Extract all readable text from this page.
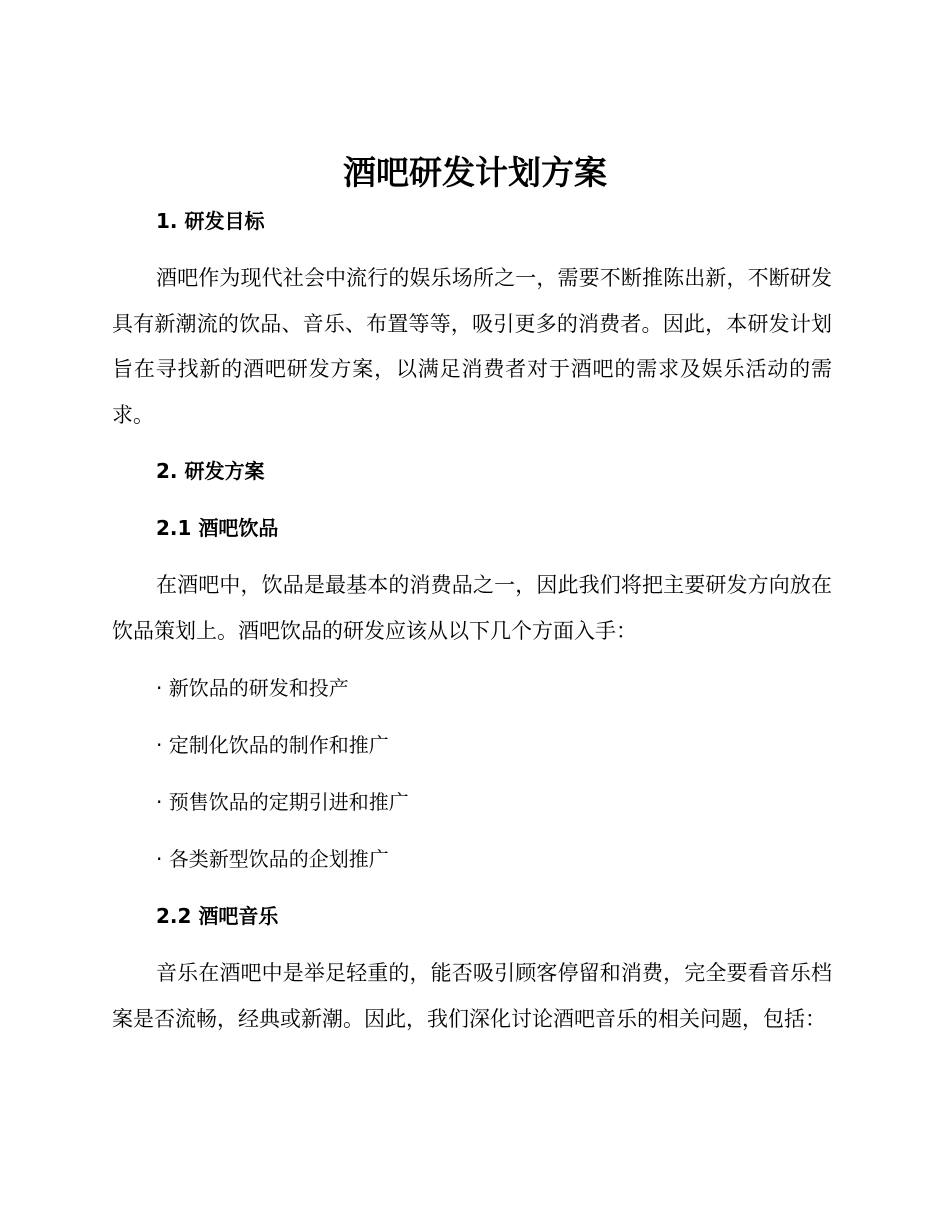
酒吧研发计划方案
1. 研发目标

酒吧作为现代社会中流行的娱乐场所之一，需要不断推陈出新，不断研发具有新潮流的饮品、音乐、布置等等，吸引更多的消费者。因此，本研发计划旨在寻找新的酒吧研发方案，以满足消费者对于酒吧的需求及娱乐活动的需求。

2. 研发方案
2.1 酒吧饮品

在酒吧中，饮品是最基本的消费品之一，因此我们将把主要研发方向放在饮品策划上。酒吧饮品的研发应该从以下几个方面入手：

· 新饮品的研发和投产

· 定制化饮品的制作和推广

· 预售饮品的定期引进和推广

· 各类新型饮品的企划推广

2.2 酒吧音乐

音乐在酒吧中是举足轻重的，能否吸引顾客停留和消费，完全要看音乐档案是否流畅，经典或新潮。因此，我们深化讨论酒吧音乐的相关问题，包括：
